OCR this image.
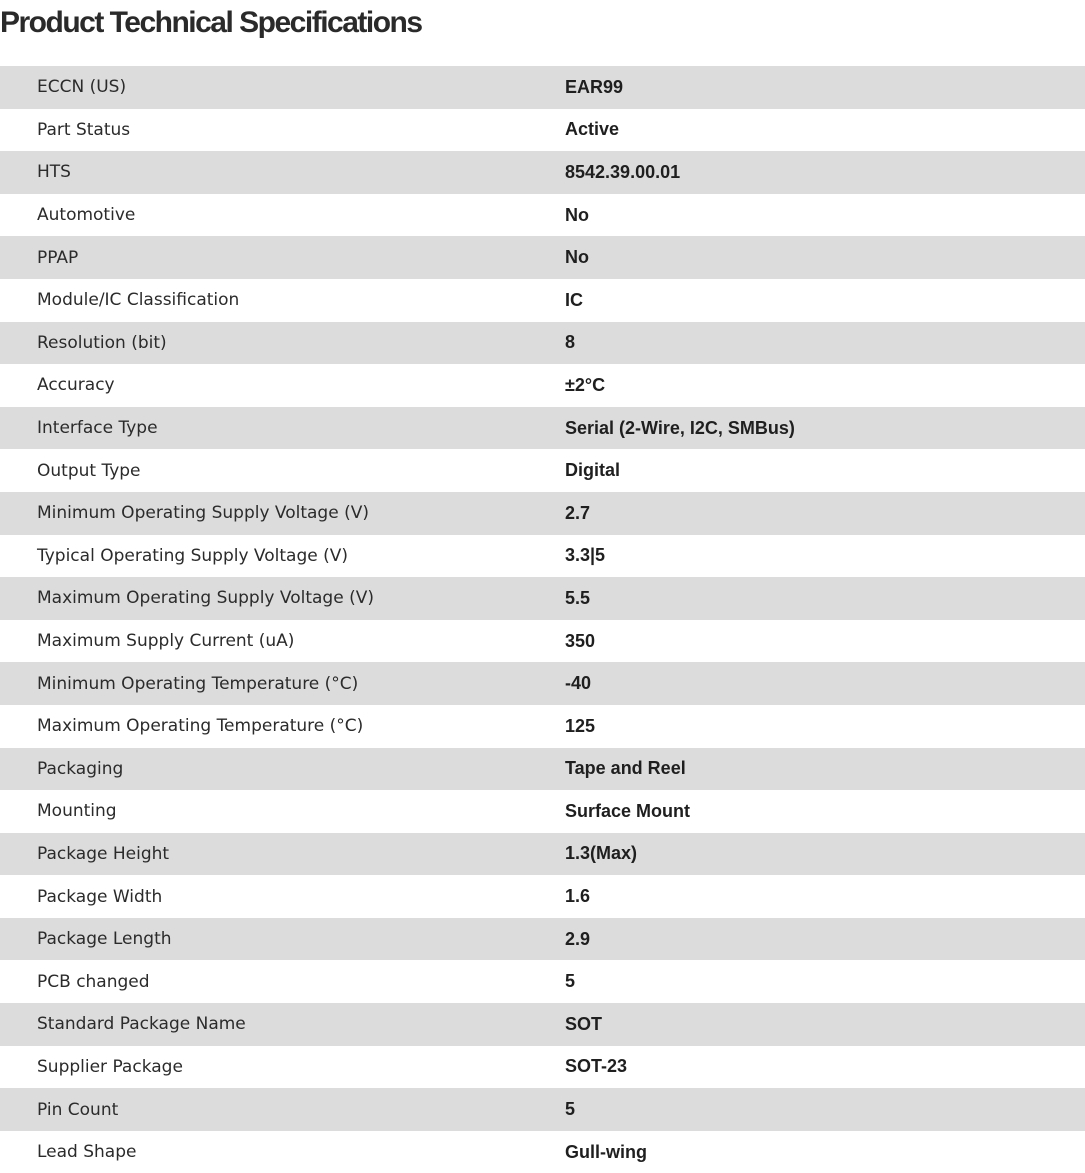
Product Technical Specifications
ECCN (US)	EAR99
Part Status	Active
HTS	8542.39.00.01
Automotive	No
PPAP	No
Module/IC Classification	IC
Resolution (bit)	8
Accuracy	±2°C
Interface Type	Serial (2-Wire, I2C, SMBus)
Output Type	Digital
Minimum Operating Supply Voltage (V)	2.7
Typical Operating Supply Voltage (V)	3.3|5
Maximum Operating Supply Voltage (V)	5.5
Maximum Supply Current (uA)	350
Minimum Operating Temperature (°C)	-40
Maximum Operating Temperature (°C)	125
Packaging	Tape and Reel
Mounting	Surface Mount
Package Height	1.3(Max)
Package Width	1.6
Package Length	2.9
PCB changed	5
Standard Package Name	SOT
Supplier Package	SOT-23
Pin Count	5
Lead Shape	Gull-wing
